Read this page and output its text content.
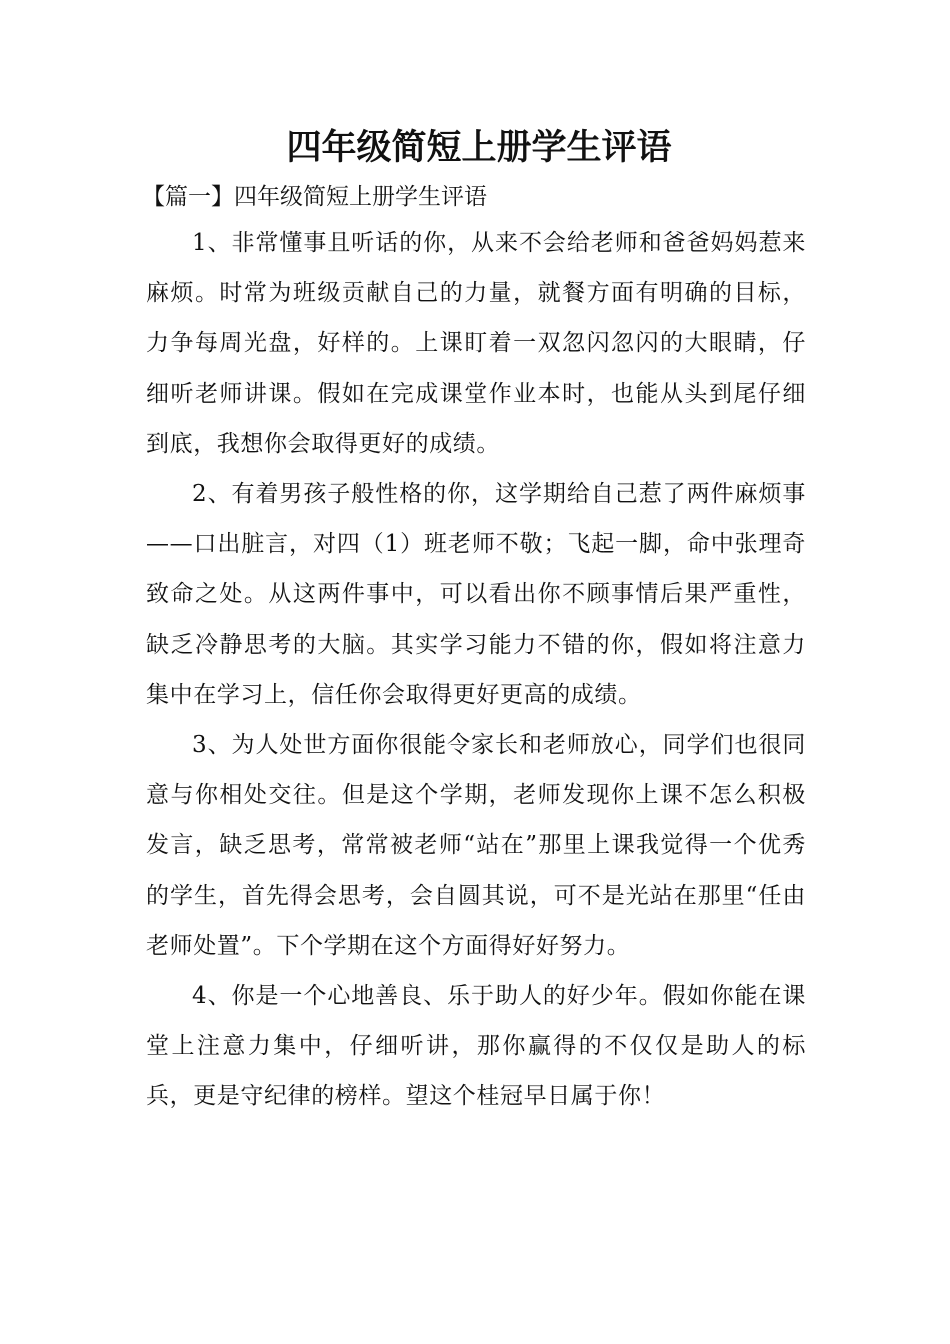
四年级简短上册学生评语
【篇一】四年级简短上册学生评语

1、非常懂事且听话的你，从来不会给老师和爸爸妈妈惹来麻烦。时常为班级贡献自己的力量，就餐方面有明确的目标，力争每周光盘，好样的。上课盯着一双忽闪忽闪的大眼睛，仔细听老师讲课。假如在完成课堂作业本时，也能从头到尾仔细到底，我想你会取得更好的成绩。

2、有着男孩子般性格的你，这学期给自己惹了两件麻烦事——口出脏言，对四（1）班老师不敬；飞起一脚，命中张理奇致命之处。从这两件事中，可以看出你不顾事情后果严重性，缺乏冷静思考的大脑。其实学习能力不错的你，假如将注意力集中在学习上，信任你会取得更好更高的成绩。

3、为人处世方面你很能令家长和老师放心，同学们也很同意与你相处交往。但是这个学期，老师发现你上课不怎么积极发言，缺乏思考，常常被老师“站在”那里上课我觉得一个优秀的学生，首先得会思考，会自圆其说，可不是光站在那里“任由老师处置”。下个学期在这个方面得好好努力。

4、你是一个心地善良、乐于助人的好少年。假如你能在课堂上注意力集中，仔细听讲，那你赢得的不仅仅是助人的标兵，更是守纪律的榜样。望这个桂冠早日属于你！
